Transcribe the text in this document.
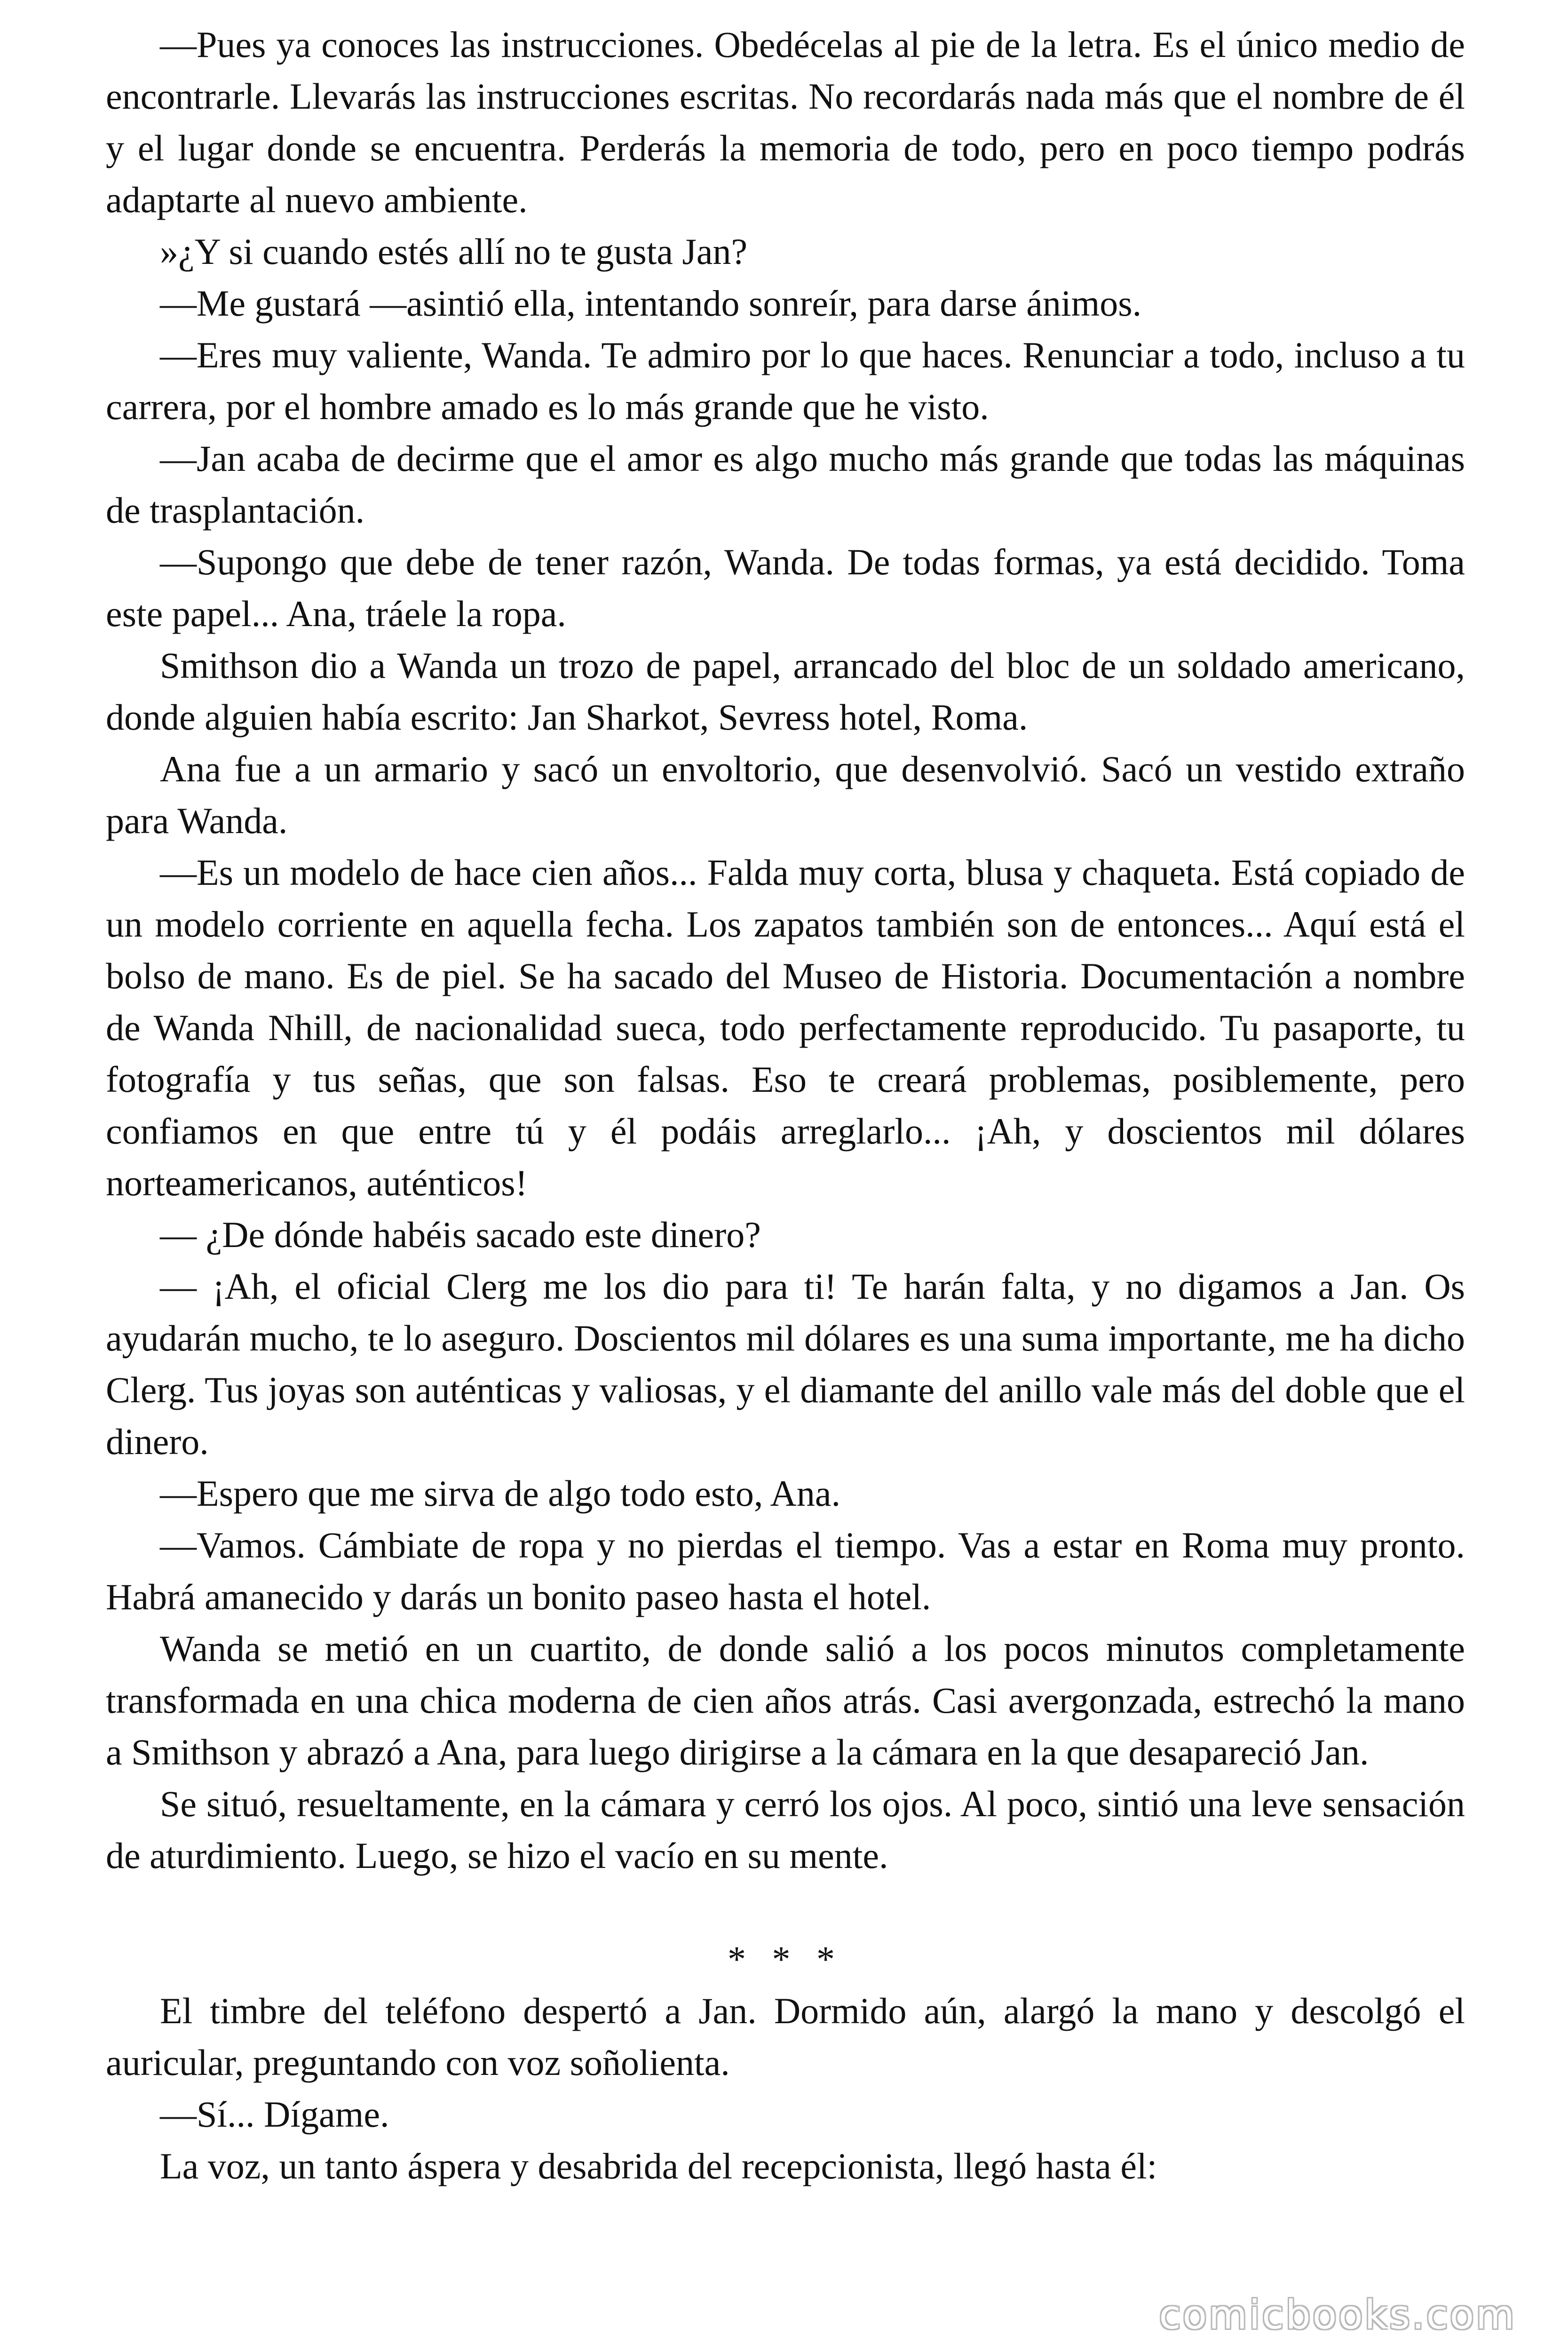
—Pues ya conoces las instrucciones. Obedécelas al pie de la letra. Es el único medio de encontrarle. Llevarás las instrucciones escritas. No recordarás nada más que el nombre de él y el lugar donde se encuentra. Perderás la memoria de todo, pero en poco tiempo podrás adaptarte al nuevo ambiente.

»¿Y si cuando estés allí no te gusta Jan?

—Me gustará —asintió ella, intentando sonreír, para darse ánimos.

—Eres muy valiente, Wanda. Te admiro por lo que haces. Renunciar a todo, incluso a tu carrera, por el hombre amado es lo más grande que he visto.

—Jan acaba de decirme que el amor es algo mucho más grande que todas las máquinas de trasplantación.

—Supongo que debe de tener razón, Wanda. De todas formas, ya está decidido. Toma este papel... Ana, tráele la ropa.

Smithson dio a Wanda un trozo de papel, arrancado del bloc de un soldado americano, donde alguien había escrito: Jan Sharkot, Sevress hotel, Roma.

Ana fue a un armario y sacó un envoltorio, que desenvolvió. Sacó un vestido extraño para Wanda.

—Es un modelo de hace cien años... Falda muy corta, blusa y chaqueta. Está copiado de un modelo corriente en aquella fecha. Los zapatos también son de entonces... Aquí está el bolso de mano. Es de piel. Se ha sacado del Museo de Historia. Documentación a nombre de Wanda Nhill, de nacionalidad sueca, todo perfectamente reproducido. Tu pasaporte, tu fotografía y tus señas, que son falsas. Eso te creará problemas, posiblemente, pero confiamos en que entre tú y él podáis arreglarlo... ¡Ah, y doscientos mil dólares norteamericanos, auténticos!

— ¿De dónde habéis sacado este dinero?

— ¡Ah, el oficial Clerg me los dio para ti! Te harán falta, y no digamos a Jan. Os ayudarán mucho, te lo aseguro. Doscientos mil dólares es una suma importante, me ha dicho Clerg. Tus joyas son auténticas y valiosas, y el diamante del anillo vale más del doble que el dinero.

—Espero que me sirva de algo todo esto, Ana.

—Vamos. Cámbiate de ropa y no pierdas el tiempo. Vas a estar en Roma muy pronto. Habrá amanecido y darás un bonito paseo hasta el hotel.

Wanda se metió en un cuartito, de donde salió a los pocos minutos completamente transformada en una chica moderna de cien años atrás. Casi avergonzada, estrechó la mano a Smithson y abrazó a Ana, para luego dirigirse a la cámara en la que desapareció Jan.

Se situó, resueltamente, en la cámara y cerró los ojos. Al poco, sintió una leve sensación de aturdimiento. Luego, se hizo el vacío en su mente.

* * *

El timbre del teléfono despertó a Jan. Dormido aún, alargó la mano y descolgó el auricular, preguntando con voz soñolienta.

—Sí... Dígame.

La voz, un tanto áspera y desabrida del recepcionista, llegó hasta él:

comicbooks.com
